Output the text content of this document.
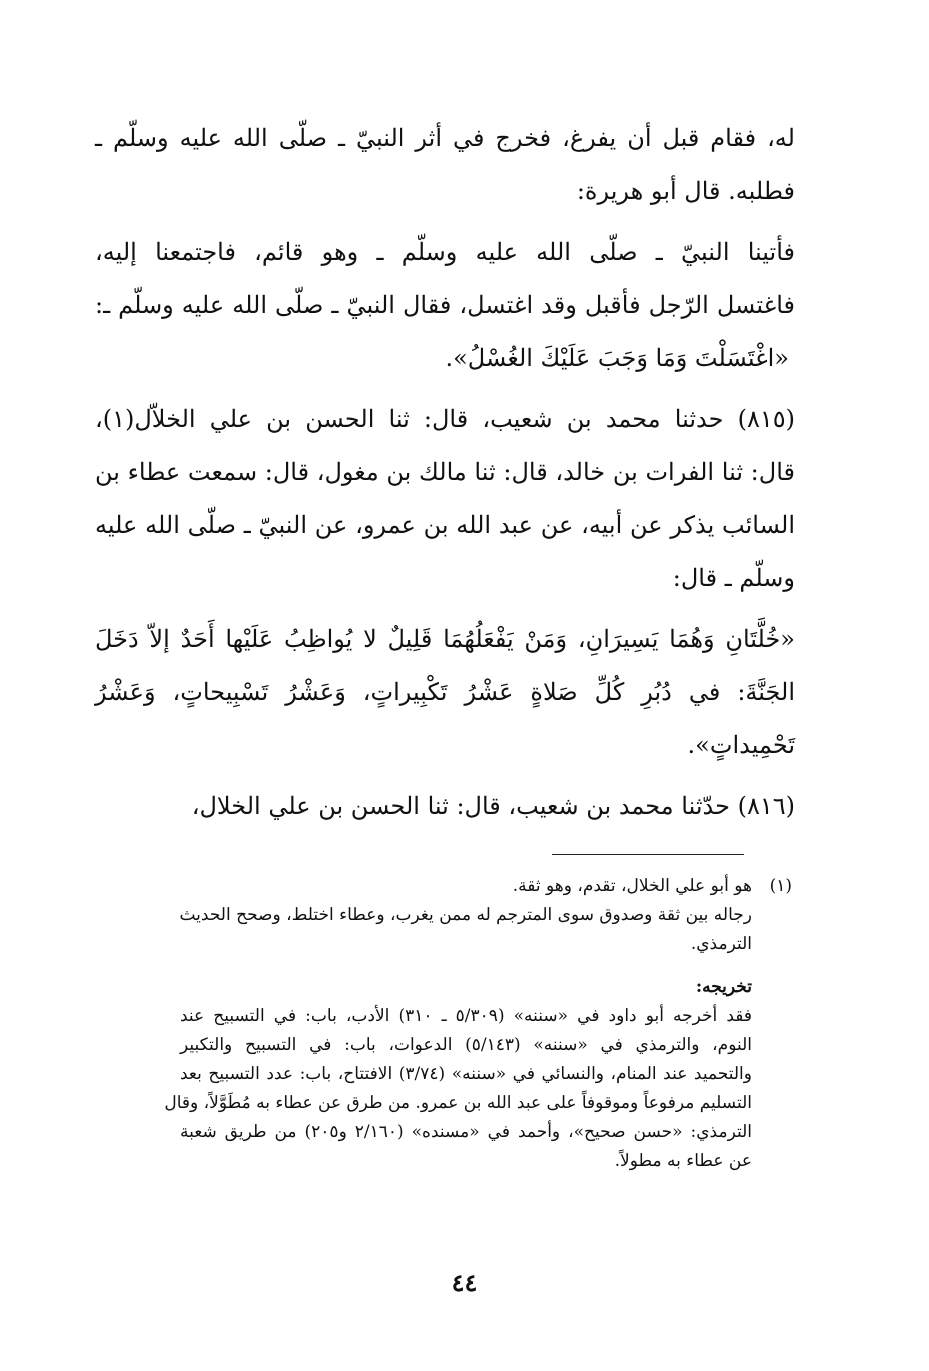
له، فقام قبل أن يفرغ، فخرج في أثر النبيّ ـ صلّى الله عليه وسلّم ـ
فطلبه. قال أبو هريرة:
فأتينا النبيّ ـ صلّى الله عليه وسلّم ـ وهو قائم، فاجتمعنا إليه،
فاغتسل الرّجل فأقبل وقد اغتسل، فقال النبيّ ـ صلّى الله عليه وسلّم ـ:
«اغْتَسَلْتَ وَمَا وَجَبَ عَلَيْكَ الغُسْلُ».
(٨١٥) حدثنا محمد بن شعيب، قال: ثنا الحسن بن علي الخلاّل(١)،
قال: ثنا الفرات بن خالد، قال: ثنا مالك بن مغول، قال: سمعت عطاء بن
السائب يذكر عن أبيه، عن عبد الله بن عمرو، عن النبيّ ـ صلّى الله عليه
وسلّم ـ قال:
«خُلَّتَانِ وَهُمَا يَسِيرَانِ، وَمَنْ يَفْعَلُهُمَا قَلِيلٌ لا يُواظِبُ عَلَيْها أَحَدٌ إلاّ دَخَلَ
الجَنَّةَ: في دُبُرِ كُلِّ صَلاةٍ عَشْرُ تَكْبِيراتٍ، وَعَشْرُ تَسْبِيحاتٍ، وَعَشْرُ
تَحْمِيداتٍ».
(٨١٦) حدّثنا محمد بن شعيب، قال: ثنا الحسن بن علي الخلال،
(١)هو أبو علي الخلال، تقدم، وهو ثقة.
رجاله بين ثقة وصدوق سوى المترجم له ممن يغرب، وعطاء اختلط، وصحح الحديث
الترمذي.
تخريجه:
فقد أخرجه أبو داود في «سننه» (٥/٣٠٩ ـ ٣١٠) الأدب، باب: في التسبيح عند
النوم، والترمذي في «سننه» (٥/١٤٣) الدعوات، باب: في التسبيح والتكبير
والتحميد عند المنام، والنسائي في «سننه» (٣/٧٤) الافتتاح، باب: عدد التسبيح بعد
التسليم مرفوعاً وموقوفاً على عبد الله بن عمرو. من طرق عن عطاء به مُطَوَّلاً، وقال
الترمذي: «حسن صحيح»، وأحمد في «مسنده» (٢/١٦٠ و٢٠٥) من طريق شعبة
عن عطاء به مطولاً.
٤٤
